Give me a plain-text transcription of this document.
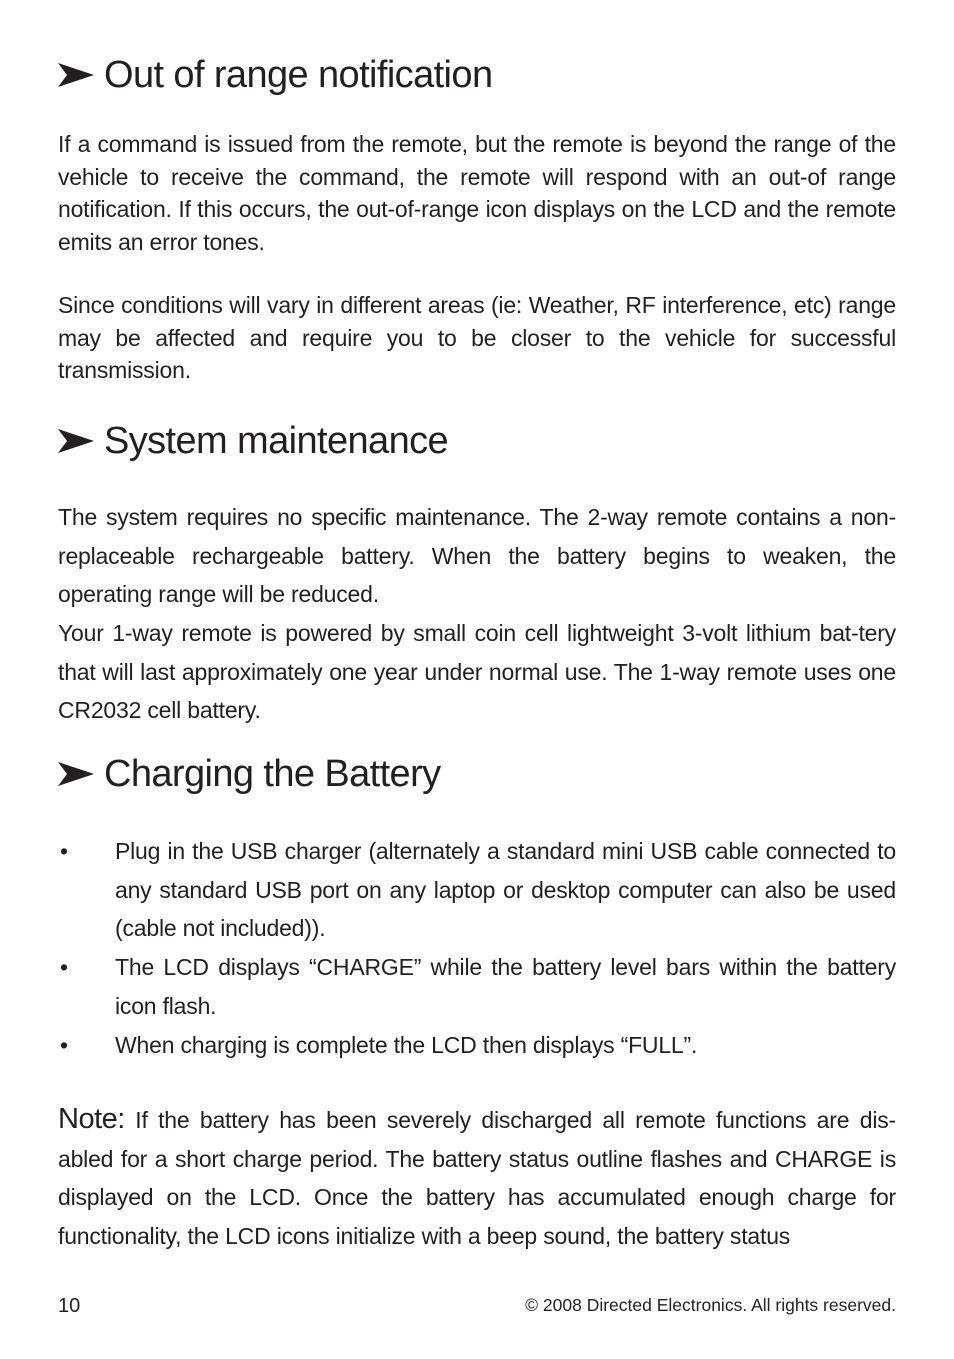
Out of range notification

If a command is issued from the remote, but the remote is beyond the range of the vehicle to receive the command, the remote will respond with an out-of range notification. If this occurs, the out-of-range icon displays on the LCD and the remote emits an error tones.

Since conditions will vary in different areas (ie: Weather, RF interference, etc) range may be affected and require you to be closer to the vehicle for successful transmission.

System maintenance

The system requires no specific maintenance. The 2-way remote contains a non-replaceable rechargeable battery. When the battery begins to weaken, the operating range will be reduced.

Your 1-way remote is powered by small coin cell lightweight 3-volt lithium bat-tery that will last approximately one year under normal use. The 1-way remote uses one CR2032 cell battery.

Charging the Battery
• Plug in the USB charger (alternately a standard mini USB cable connected to any standard USB port on any laptop or desktop computer can also be used (cable not included)).
• The LCD displays “CHARGE” while the battery level bars within the battery icon flash.
• When charging is complete the LCD then displays “FULL”.

Note: If the battery has been severely discharged all remote functions are dis-abled for a short charge period. The battery status outline flashes and CHARGE is displayed on the LCD. Once the battery has accumulated enough charge for functionality, the LCD icons initialize with a beep sound, the battery status

10	© 2008 Directed Electronics. All rights reserved.
